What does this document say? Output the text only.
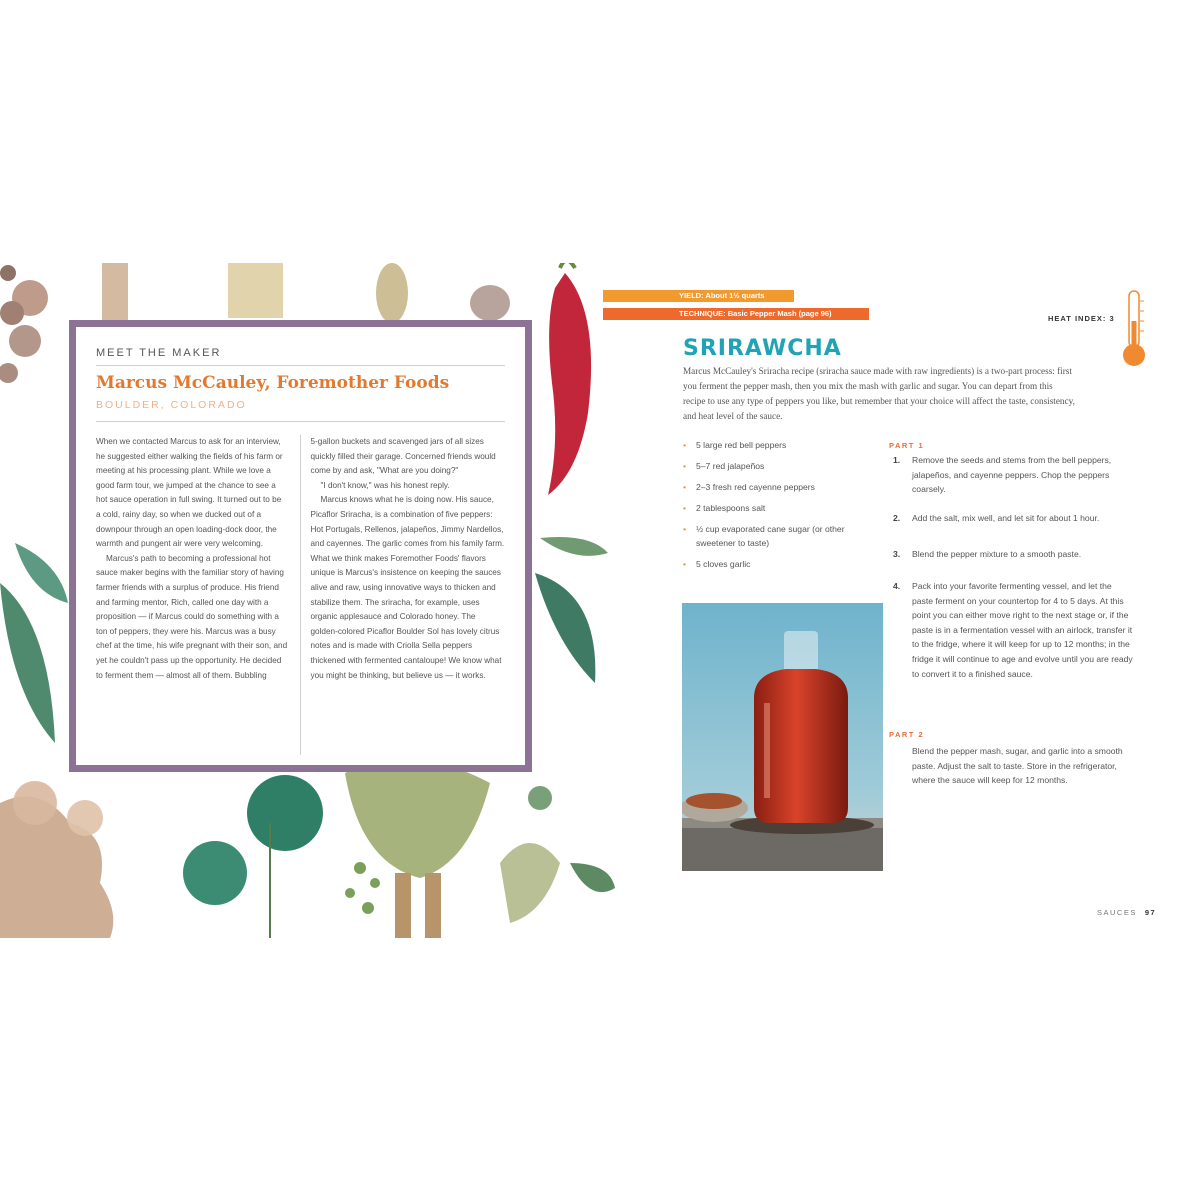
MEET THE MAKER
Marcus McCauley, Foremother Foods
BOULDER, COLORADO

When we contacted Marcus to ask for an interview, he suggested either walking the fields of his farm or meeting at his processing plant. While we love a good farm tour, we jumped at the chance to see a hot sauce operation in full swing. It turned out to be a cold, rainy day, so when we ducked out of a downpour through an open loading-dock door, the warmth and pungent air were very welcoming.

Marcus's path to becoming a professional hot sauce maker begins with the familiar story of having farmer friends with a surplus of produce. His friend and farming mentor, Rich, called one day with a proposition — if Marcus could do something with a ton of peppers, they were his. Marcus was a busy chef at the time, his wife pregnant with their son, and yet he couldn't pass up the opportunity. He decided to ferment them — almost all of them. Bubbling

5-gallon buckets and scavenged jars of all sizes quickly filled their garage. Concerned friends would come by and ask, "What are you doing?"

"I don't know," was his honest reply.

Marcus knows what he is doing now. His sauce, Picaflor Sriracha, is a combination of five peppers: Hot Portugals, Rellenos, jalapeños, Jimmy Nardellos, and cayennes. The garlic comes from his family farm. What we think makes Foremother Foods' flavors unique is Marcus's insistence on keeping the sauces alive and raw, using innovative ways to thicken and stabilize them. The sriracha, for example, uses organic applesauce and Colorado honey. The golden-colored Picaflor Boulder Sol has lovely citrus notes and is made with Criolla Sella peppers thickened with fermented cantaloupe! We know what you might be thinking, but believe us — it works.

YIELD: About 1½ quarts
TECHNIQUE: Basic Pepper Mash (page 96)
HEAT INDEX: 3
SRIRAWCHA
Marcus McCauley's Sriracha recipe (sriracha sauce made with raw ingredients) is a two-part process: first you ferment the pepper mash, then you mix the mash with garlic and sugar. You can depart from this recipe to use any type of peppers you like, but remember that your choice will affect the taste, consistency, and heat level of the sauce.
• 5 large red bell peppers
• 5–7 red jalapeños
• 2–3 fresh red cayenne peppers
• 2 tablespoons salt
• ½ cup evaporated cane sugar (or other sweetener to taste)
• 5 cloves garlic
PART 1
1. Remove the seeds and stems from the bell peppers, jalapeños, and cayenne peppers. Chop the peppers coarsely.
2. Add the salt, mix well, and let sit for about 1 hour.
3. Blend the pepper mixture to a smooth paste.
4. Pack into your favorite fermenting vessel, and let the paste ferment on your countertop for 4 to 5 days. At this point you can either move right to the next stage or, if the paste is in a fermentation vessel with an airlock, transfer it to the fridge, where it will keep for up to 12 months; in the fridge it will continue to age and evolve until you are ready to convert it to a finished sauce.
PART 2
Blend the pepper mash, sugar, and garlic into a smooth paste. Adjust the salt to taste. Store in the refrigerator, where the sauce will keep for 12 months.
SAUCES 97
